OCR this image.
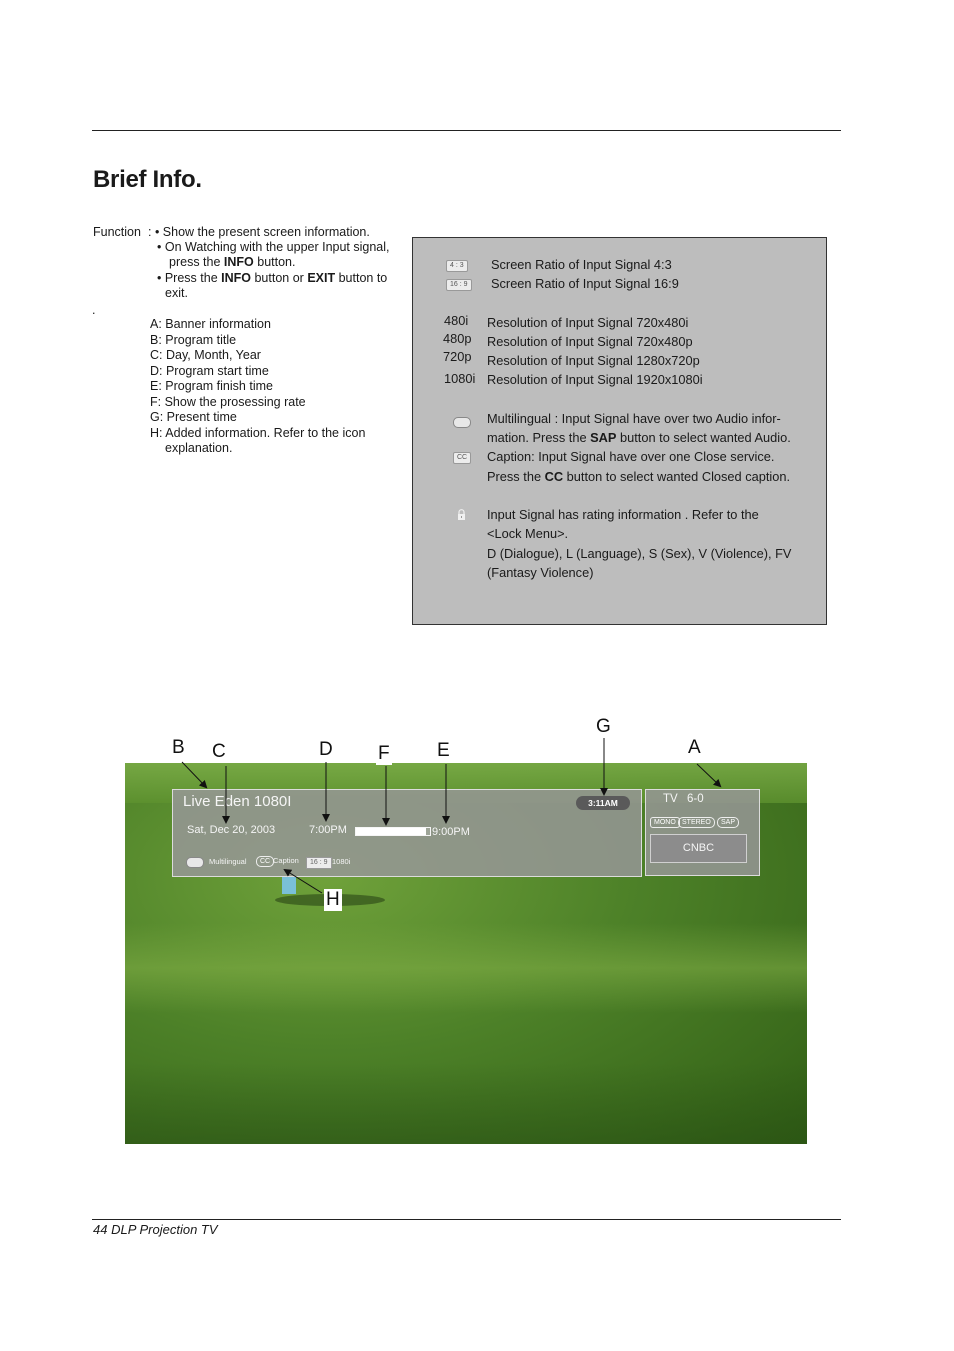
Brief Info.
Function : • Show the present screen information.
• On Watching with the upper Input signal,
press the INFO button.
• Press the INFO button or EXIT button to
exit.
.
A: Banner information
B: Program title
C: Day, Month, Year
D: Program start time
E: Program finish time
F: Show the prosessing rate
G: Present time
H: Added information. Refer to the icon
explanation.
4 : 3	Screen Ratio of Input Signal 4:3
16 : 9	Screen Ratio of Input Signal 16:9
480i Resolution of Input Signal 720x480i
480p Resolution of Input Signal 720x480p
720p Resolution of Input Signal 1280x720p
1080i Resolution of Input Signal 1920x1080i
Multilingual : Input Signal have over two Audio infor-
mation. Press the SAP button to select wanted Audio.
CC	Caption: Input Signal have over one Close service.
Press the CC button to select wanted Closed caption.
Input Signal has rating information . Refer to the
<Lock Menu>.
D (Dialogue), L (Language), S (Sex), V (Violence), FV
(Fantasy Violence)
Live Eden 1080I
Sat, Dec 20, 2003	7:00PM	9:00PM
3:11AM
Multilingual	CC Caption	16 : 9 1080i
TV 6-0
MONO STEREO	SAP
CNBC
G
B C	D F E	A
H
44 DLP Projection TV
